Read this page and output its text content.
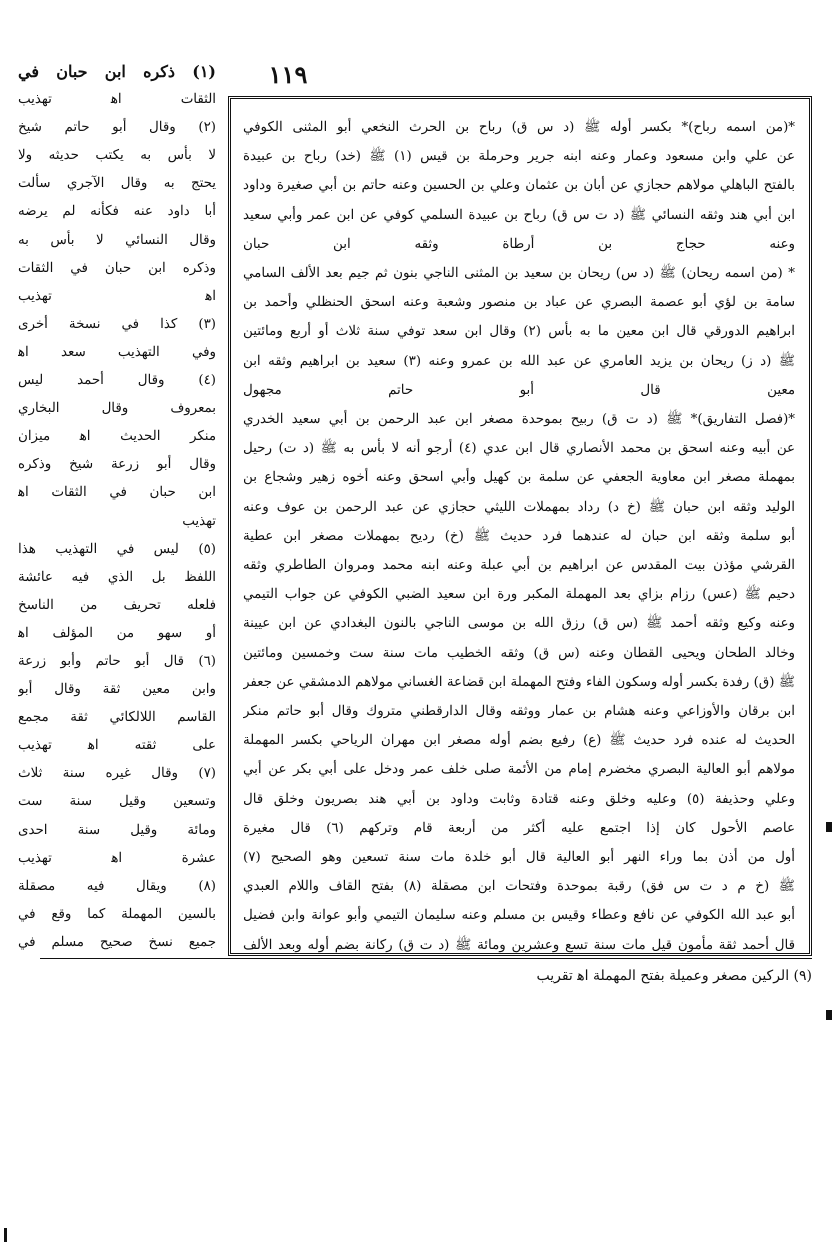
١١٩
(١) ذكره ابن حبان في
الثقات اﻫ تهذيب
(٢) وقال أبو حاتم شيخ
لا بأس به يكتب حديثه ولا
يحتج به وقال الآجري سألت
أبا داود عنه فكأنه لم يرضه
وقال النسائي لا بأس به
وذكره ابن حبان في الثقات
اﻫ تهذيب
(٣) كذا في نسخة أخرى
وفي التهذيب سعد اﻫ
(٤) وقال أحمد ليس
بمعروف وقال البخاري
منكر الحديث اﻫ ميزان
وقال أبو زرعة شيخ وذكره
ابن حبان في الثقات اﻫ
تهذيب
(٥) ليس في التهذيب هذا
اللفظ بل الذي فيه عائشة
فلعله تحريف من الناسخ
أو سهو من المؤلف اﻫ
(٦) قال أبو حاتم وأبو زرعة
وابن معين ثقة وقال أبو
القاسم اللالكائي ثقة مجمع
على ثقته اﻫ تهذيب
(٧) وقال غيره سنة ثلاث
وتسعين وقيل سنة ست
ومائة وقيل سنة احدى
عشرة اﻫ تهذيب
(٨) ويقال فيه مصقلة
بالسين المهملة كما وقع في
جميع نسخ صحيح مسلم في
*(من اسمه رباح)* بكسر أوله ﷺ (د س ق) رباح بن الحرث النخعي أبو المثنى الكوفي
عن علي وابن مسعود وعمار وعنه ابنه جرير وحرملة بن قيس (١) ﷺ (خد) رباح بن عبيدة
بالفتح الباهلي مولاهم حجازي عن أبان بن عثمان وعلي بن الحسين وعنه حاتم بن أبي صغيرة وداود
ابن أبي هند وثقه النسائي ﷺ (د ت س ق) رباح بن عبيدة السلمي كوفي عن ابن عمر وأبي سعيد
وعنه حجاج بن أرطاة وثقه ابن حبان
* (من اسمه ريحان) ﷺ (د س) ريحان بن سعيد بن المثنى الناجي بنون ثم جيم بعد الألف السامي
سامة بن لؤي أبو عصمة البصري عن عباد بن منصور وشعبة وعنه اسحق الحنظلي وأحمد بن
ابراهيم الدورقي قال ابن معين ما به بأس (٢) وقال ابن سعد توفي سنة ثلاث أو أربع ومائتين
ﷺ (د ز) ريحان بن يزيد العامري عن عبد الله بن عمرو وعنه (٣) سعيد بن ابراهيم وثقه ابن
معين قال أبو حاتم مجهول
*(فصل التفاريق)* ﷺ (د ت ق) ربيح بموحدة مصغر ابن عبد الرحمن بن أبي سعيد الخدري
عن أبيه وعنه اسحق بن محمد الأنصاري قال ابن عدي (٤) أرجو أنه لا بأس به ﷺ (د ت) رحيل
بمهملة مصغر ابن معاوية الجعفي عن سلمة بن كهيل وأبي اسحق وعنه أخوه زهير وشجاع بن
الوليد وثقه ابن حبان ﷺ (خ د) رداد بمهملات الليثي حجازي عن عبد الرحمن بن عوف وعنه
أبو سلمة وثقه ابن حبان له عندهما فرد حديث ﷺ (خ) رديح بمهملات مصغر ابن عطية
القرشي مؤذن بيت المقدس عن ابراهيم بن أبي عبلة وعنه ابنه محمد ومروان الطاطري وثقه
دحيم ﷺ (عس) رزام بزاي بعد المهملة المكبر ورة ابن سعيد الضبي الكوفي عن جواب التيمي
وعنه وكيع وثقه أحمد ﷺ (س ق) رزق الله بن موسى الناجي بالنون البغدادي عن ابن عيينة
وخالد الطحان ويحيى القطان وعنه (س ق) وثقه الخطيب مات سنة ست وخمسين ومائتين
ﷺ (ق) رفدة بكسر أوله وسكون الفاء وفتح المهملة ابن قضاعة الغساني مولاهم الدمشقي عن جعفر
ابن برقان والأوزاعي وعنه هشام بن عمار ووثقه وقال الدارقطني متروك وقال أبو حاتم منكر
الحديث له عنده فرد حديث ﷺ (ع) رفيع بضم أوله مصغر ابن مهران الرياحي بكسر المهملة
مولاهم أبو العالية البصري مخضرم إمام من الأئمة صلى خلف عمر ودخل على أبي بكر عن أبي
وعلي وحذيفة (٥) وعليه وخلق وعنه قتادة وثابت وداود بن أبي هند بصريون وخلق قال
عاصم الأحول كان إذا اجتمع عليه أكثر من أربعة قام وتركهم (٦) قال مغيرة
أول من أذن بما وراء النهر أبو العالية قال أبو خلدة مات سنة تسعين وهو الصحيح (٧)
ﷺ (خ م د ت س فق) رقبة بموحدة وفتحات ابن مصقلة (٨) بفتح القاف واللام العبدي
أبو عبد الله الكوفي عن نافع وعطاء وقيس بن مسلم وعنه سليمان التيمي وأبو عوانة وابن فضيل
قال أحمد ثقة مأمون قيل مات سنة تسع وعشرين ومائة ﷺ (د ت ق) ركانة بضم أوله وبعد الألف
(٩) الركين مصغر وعميلة بفتح المهملة اﻫ تقريب
